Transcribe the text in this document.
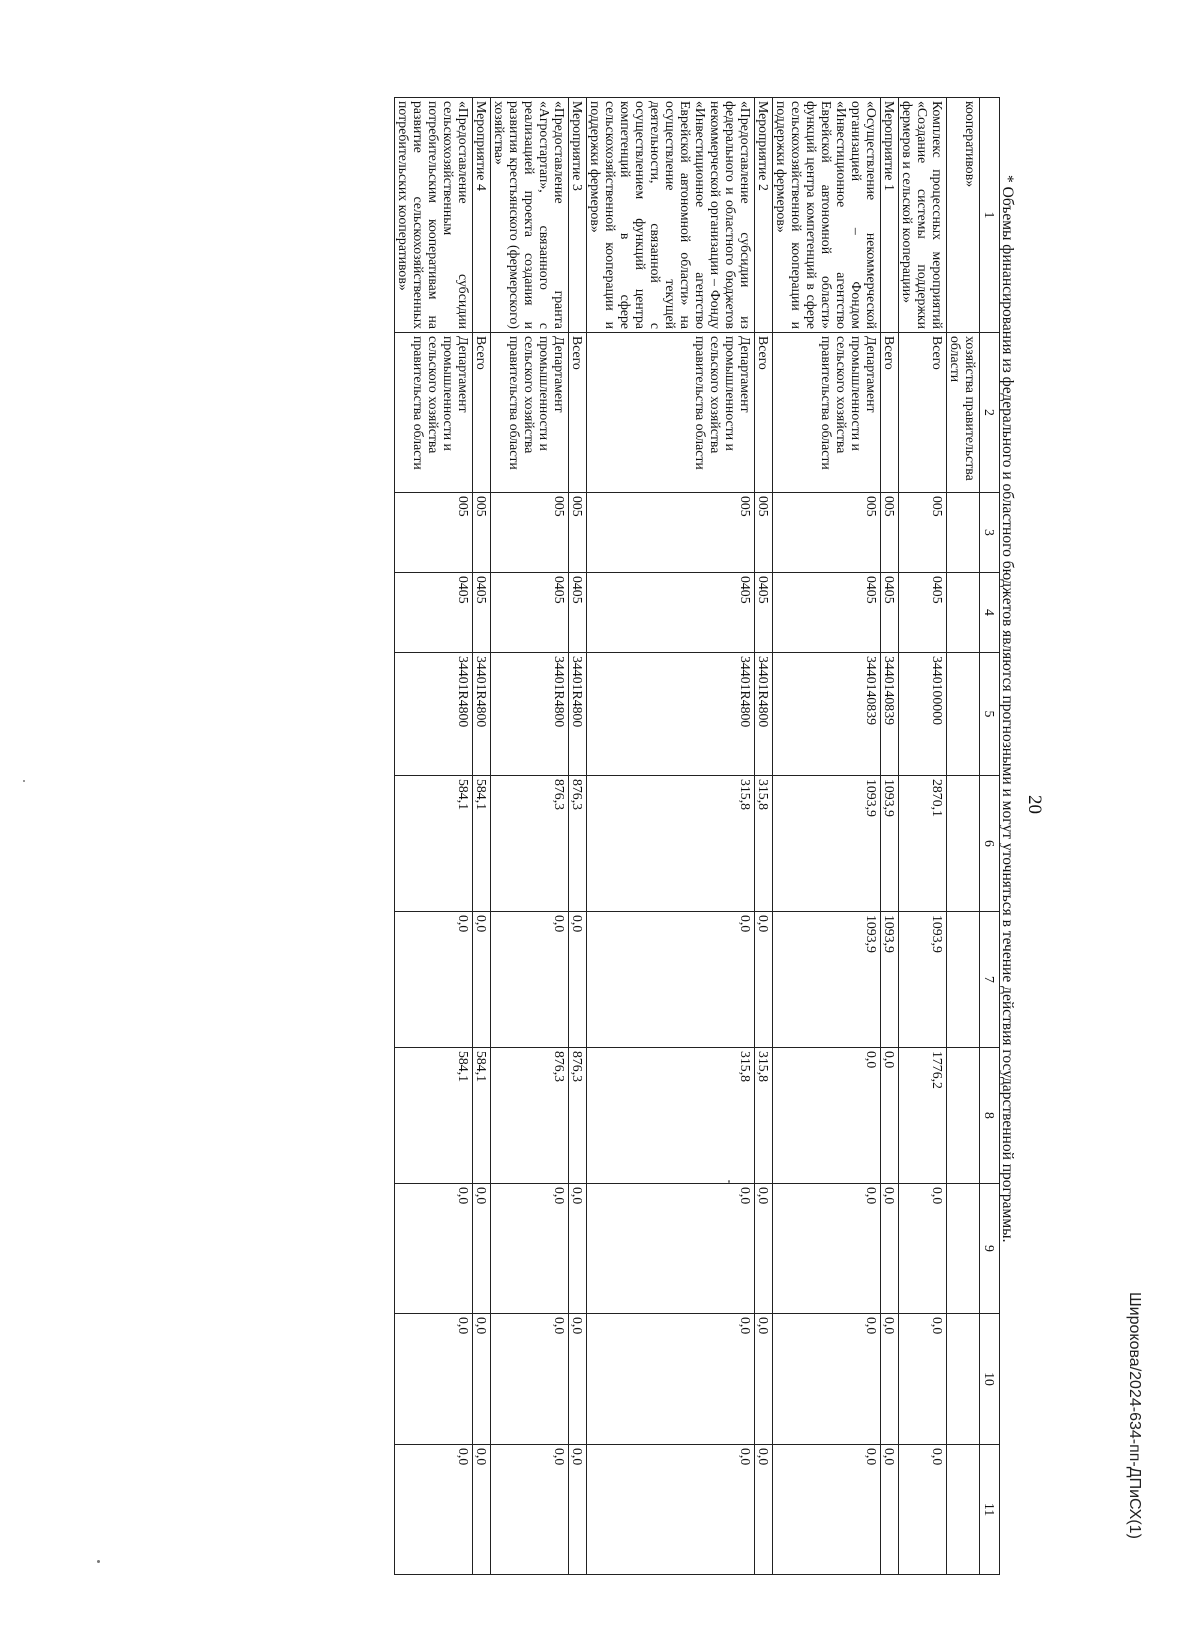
20
Широкова/2024-634-пп-ДПиСХ(1)
* Объемы финансирования из федерального и областного бюджетов являются прогнозными и могут уточняться в течение действия государственной программы.
1	2	3	4	5	6	7	8	9	10	11
кооперативов»	хозяйства правительства области									
Комплекс процессных мероприятий «Создание системы поддержки фермеров и сельской кооперации»	Всего	005	0405	3440100000	2870,1	1093,9	1776,2	0,0	0,0	0,0
Мероприятие 1	Всего	005	0405	3440140839	1093,9	1093,9	0,0	0,0	0,0	0,0
«Осуществление некоммерческой организацией – Фондом «Инвестиционное агентство Еврейской автономной области» функций центра компетенций в сфере сельскохозяйственной кооперации и поддержки фермеров»	Департамент промышленности и сельского хозяйства правительства области	005	0405	3440140839	1093,9	1093,9	0,0	0,0	0,0	0,0
Мероприятие 2	Всего	005	0405	34401R4800	315,8	0,0	315,8	0,0	0,0	0,0
«Предоставление субсидии из федерального и областного бюджетов некоммерческой организации – Фонду «Инвестиционное агентство Еврейской автономной области» на осуществление текущей деятельности, связанной с осуществлением функций центра компетенций в сфере сельскохозяйственной кооперации и поддержки фермеров»	Департамент промышленности и сельского хозяйства правительства области	005	0405	34401R4800	315,8	0,0	315,8	0,0	0,0	0,0
Мероприятие 3	Всего	005	0405	34401R4800	876,3	0,0	876,3	0,0	0,0	0,0
«Предоставление гранта «Агростартап», связанного с реализацией проекта создания и развития крестьянского (фермерского) хозяйства»	Департамент промышленности и сельского хозяйства правительства области	005	0405	34401R4800	876,3	0,0	876,3	0,0	0,0	0,0
Мероприятие 4	Всего	005	0405	34401R4800	584,1	0,0	584,1	0,0	0,0	0,0
«Предоставление субсидии сельскохозяйственным потребительским кооперативам на развитие сельскохозяйственных потребительских кооперативов»	Департамент промышленности и сельского хозяйства правительства области	005	0405	34401R4800	584,1	0,0	584,1	0,0	0,0	0,0
